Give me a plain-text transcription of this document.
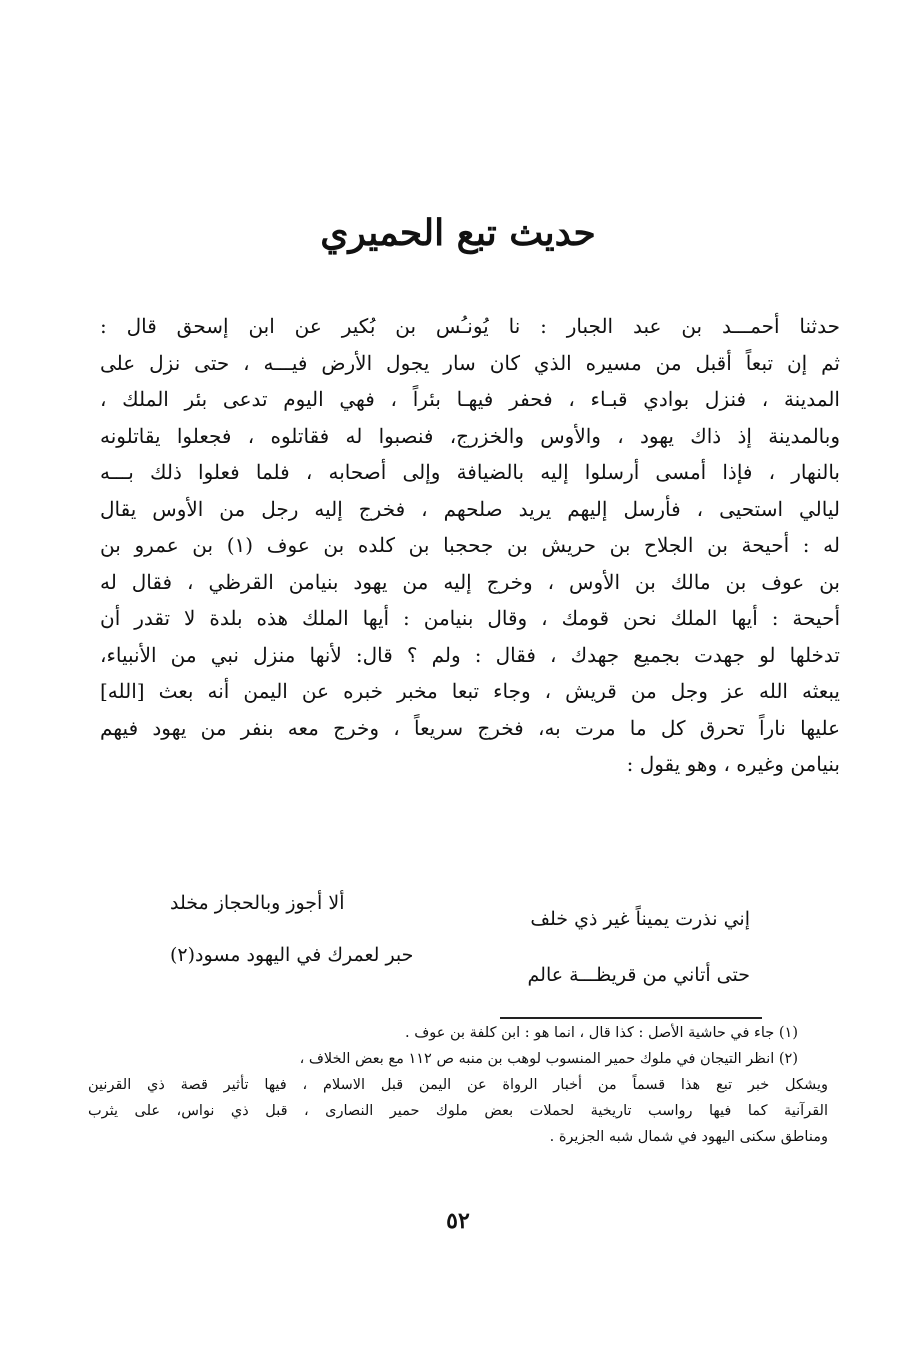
حديث تبع الحميري
حدثنا أحمـــد بن عبد الجبار : نا يُونـُس بن بُكير عن ابن إسحق قال :
ثم إن تبعاً أقبل من مسيره الذي كان سار يجول الأرض فيـــه ، حتى نزل على
المدينة ، فنزل بوادي قبـاء ، فحفر فيهـا بئراً ، فهي اليوم تدعى بئر الملك ،
وبالمدينة إذ ذاك يهود ، والأوس والخزرج، فنصبوا له فقاتلوه ، فجعلوا يقاتلونه
بالنهار ، فإذا أمسى أرسلوا إليه بالضيافة وإلى أصحابه ، فلما فعلوا ذلك بـــه
ليالي استحيى ، فأرسل إليهم يريد صلحهم ، فخرج إليه رجل من الأوس يقال
له : أحيحة بن الجلاح بن حريش بن جحجبا بن كلده بن عوف (١) بن عمرو بن
بن عوف بن مالك بن الأوس ، وخرج إليه من يهود بنيامن القرظي ، فقال له
أحيحة : أيها الملك نحن قومك ، وقال بنيامن : أيها الملك هذه بلدة لا تقدر أن
تدخلها لو جهدت بجميع جهدك ، فقال : ولم ؟ قال: لأنها منزل نبي من الأنبياء،
يبعثه الله عز وجل من قريش ، وجاء تبعا مخبر خبره عن اليمن أنه بعث [الله]
عليها ناراً تحرق كل ما مرت به، فخرج سريعاً ، وخرج معه بنفر من يهود فيهم
بنيامن وغيره ، وهو يقول :
إني نذرت يميناً غير ذي خلف
ألا أجوز وبالحجاز مخلد
حتى أتاني من قريظـــة عالم
حبر لعمرك في اليهود مسود(٢)
(١) جاء في حاشية الأصل : كذا قال ، انما هو : ابن كلفة بن عوف .
(٢) انظر التيجان في ملوك حمير المنسوب لوهب بن منبه ص ١١٢ مع بعض الخلاف ،
ويشكل خبر تبع هذا قسماً من أخبار الرواة عن اليمن قبل الاسلام ، فيها تأثير قصة ذي القرنين
القرآنية كما فيها رواسب تاريخية لحملات بعض ملوك حمير النصارى ، قبل ذي نواس، على يثرب
ومناطق سكنى اليهود في شمال شبه الجزيرة .
٥٢
